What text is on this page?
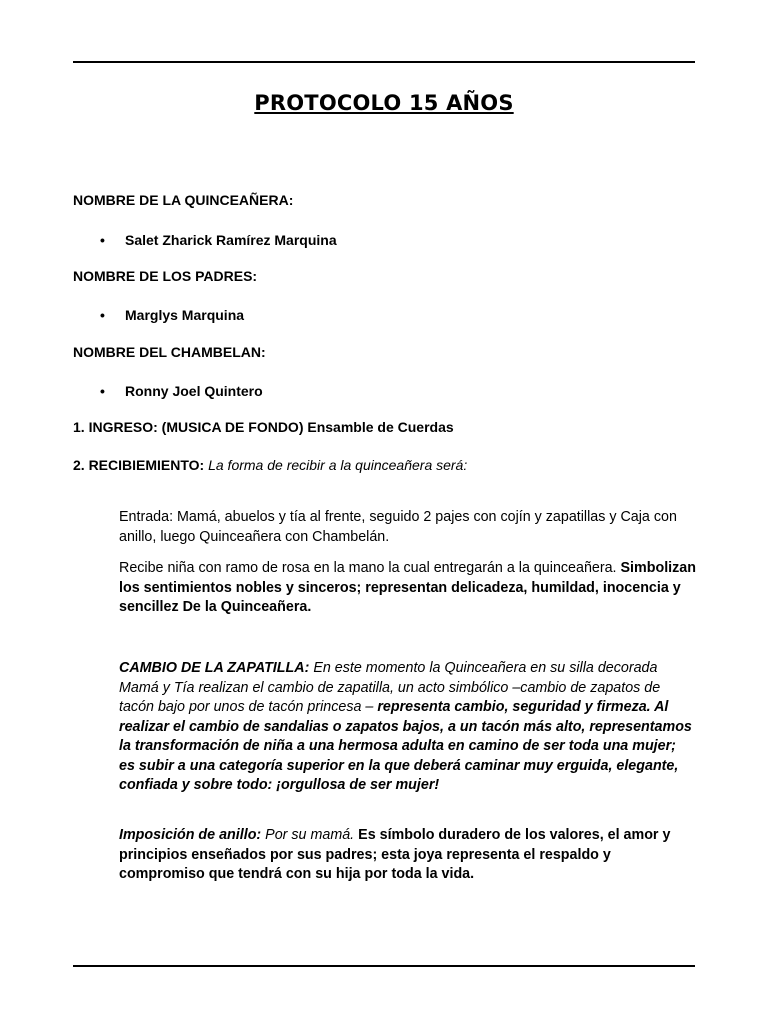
PROTOCOLO 15 AÑOS
NOMBRE DE LA QUINCEAÑERA:
•	Salet Zharick Ramírez Marquina
NOMBRE DE LOS PADRES:
•	Marglys Marquina
NOMBRE DEL CHAMBELAN:
•	Ronny Joel Quintero
1. INGRESO: (MUSICA DE FONDO) Ensamble de Cuerdas
2. RECIBIEMIENTO: La forma de recibir a la quinceañera será:
Entrada: Mamá, abuelos y tía al frente, seguido 2 pajes con cojín y zapatillas y Caja con anillo, luego Quinceañera con Chambelán.
Recibe niña con ramo de rosa en la mano la cual entregarán a la quinceañera. Simbolizan los sentimientos nobles y sinceros; representan delicadeza, humildad, inocencia y sencillez De la Quinceañera.
CAMBIO DE LA ZAPATILLA: En este momento la Quinceañera en su silla decorada Mamá y Tía realizan el cambio de zapatilla, un acto simbólico –cambio de zapatos de tacón bajo por unos de tacón princesa – representa cambio, seguridad y firmeza. Al realizar el cambio de sandalias o zapatos bajos, a un tacón más alto, representamos la transformación de niña a una hermosa adulta en camino de ser toda una mujer; es subir a una categoría superior en la que deberá caminar muy erguida, elegante, confiada y sobre todo: ¡orgullosa de ser mujer!
Imposición de anillo: Por su mamá. Es símbolo duradero de los valores, el amor y principios enseñados por sus padres; esta joya representa el respaldo y compromiso que tendrá con su hija por toda la vida.
